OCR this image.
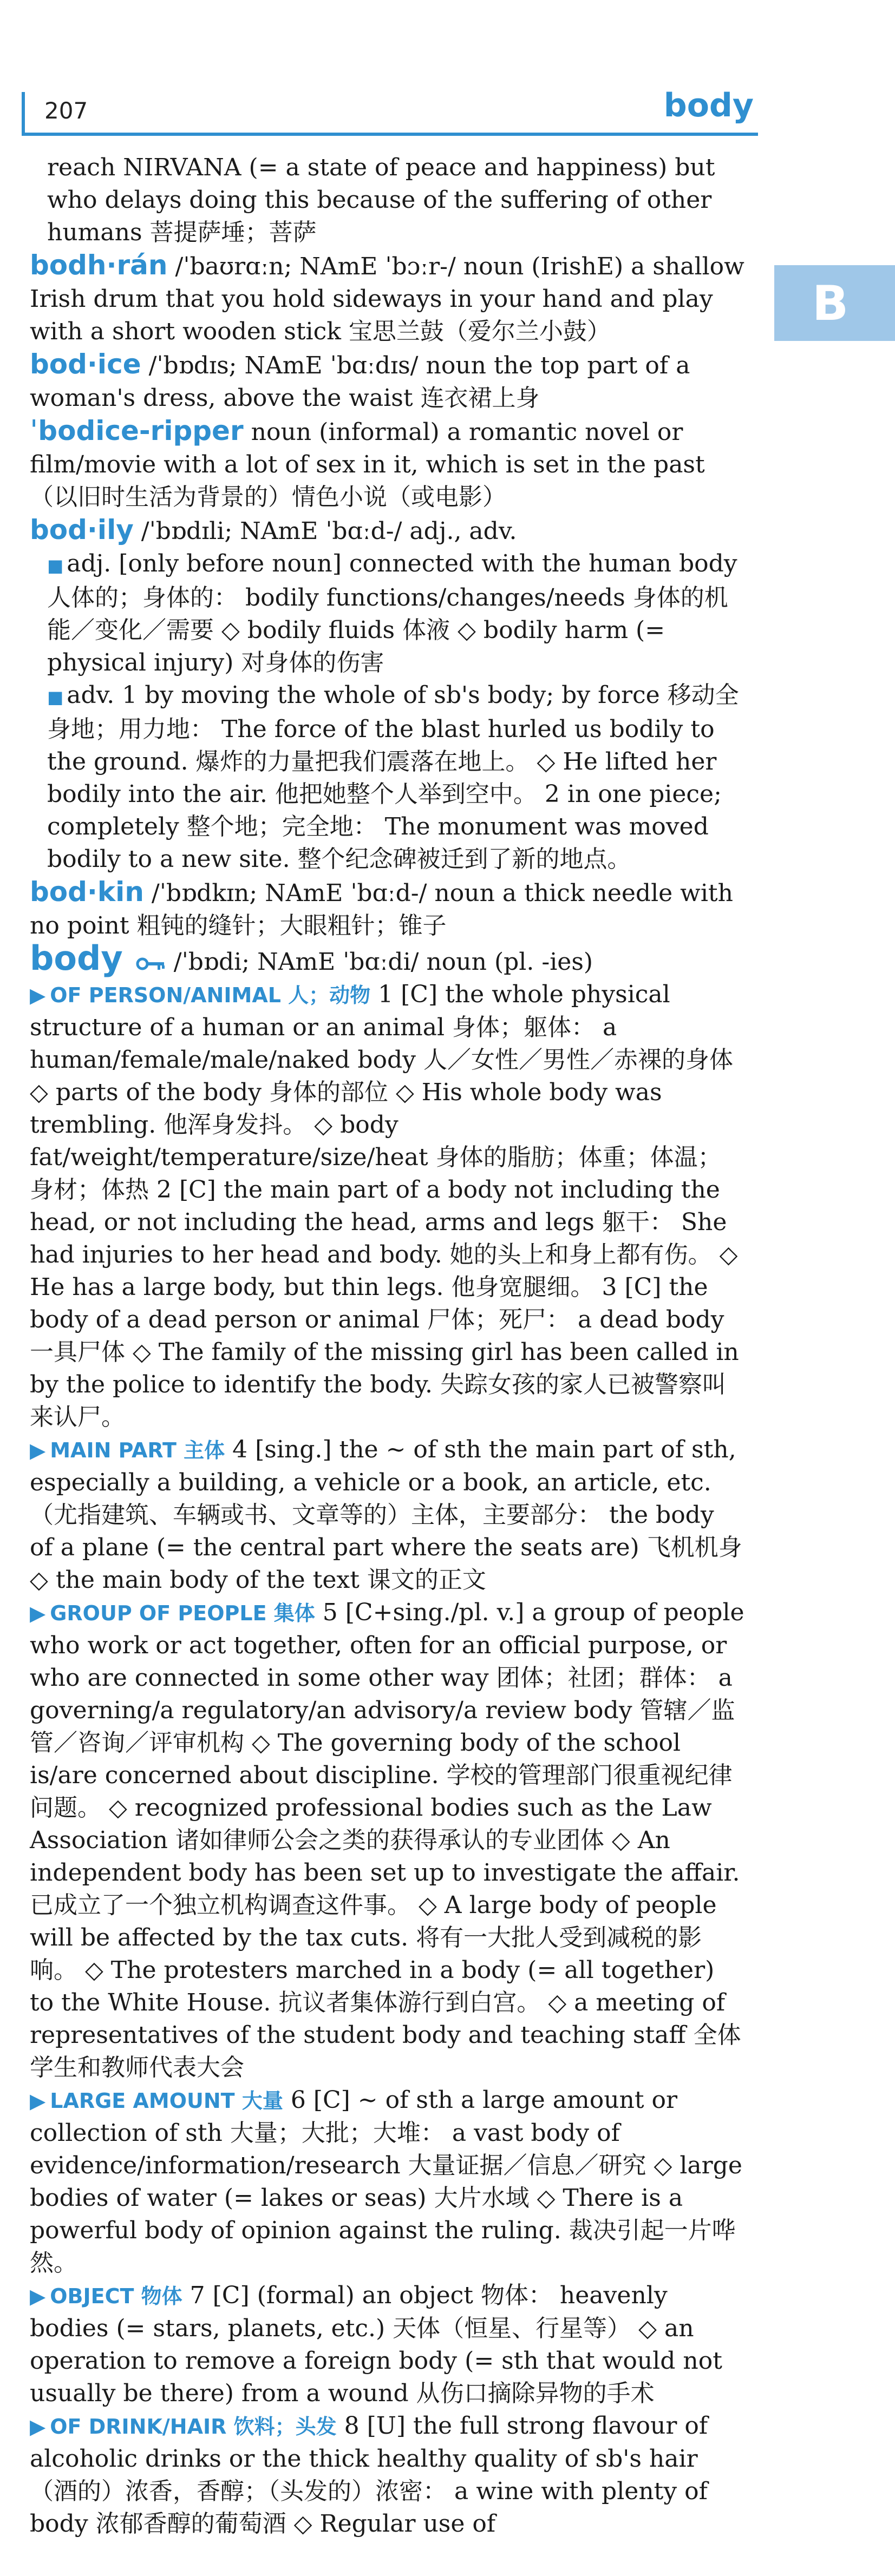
207	body
B

reach NIRVANA (= a state of peace and happiness) but who delays doing this because of the suffering of other humans 菩提萨埵；菩萨

bodh·rán /ˈbaʊrɑːn; NAmE ˈbɔːr-/ noun (IrishE) a shallow Irish drum that you hold sideways in your hand and play with a short wooden stick 宝思兰鼓（爱尔兰小鼓）

bod·ice /ˈbɒdɪs; NAmE ˈbɑːdɪs/ noun the top part of a woman's dress, above the waist 连衣裙上身

ˈbodice-ripper noun (informal) a romantic novel or film/movie with a lot of sex in it, which is set in the past（以旧时生活为背景的）情色小说（或电影）

bod·ily /ˈbɒdɪli; NAmE ˈbɑːd-/ adj., adv.

■ adj. [only before noun] connected with the human body 人体的；身体的： bodily functions/changes/needs 身体的机能／变化／需要 ◇ bodily fluids 体液 ◇ bodily harm (= physical injury) 对身体的伤害

■ adv. 1 by moving the whole of sb's body; by force 移动全身地；用力地： The force of the blast hurled us bodily to the ground. 爆炸的力量把我们震落在地上。 ◇ He lifted her bodily into the air. 他把她整个人举到空中。 2 in one piece; completely 整个地；完全地： The monument was moved bodily to a new site. 整个纪念碑被迁到了新的地点。

bod·kin /ˈbɒdkɪn; NAmE ˈbɑːd-/ noun a thick needle with no point 粗钝的缝针；大眼粗针；锥子

body  /ˈbɒdi; NAmE ˈbɑːdi/ noun (pl. -ies)

▶ OF PERSON/ANIMAL 人；动物 1 [C] the whole physical structure of a human or an animal 身体；躯体： a human/female/male/naked body 人／女性／男性／赤裸的身体 ◇ parts of the body 身体的部位 ◇ His whole body was trembling. 他浑身发抖。 ◇ body fat/weight/temperature/size/heat 身体的脂肪；体重；体温；身材；体热 2 [C] the main part of a body not including the head, or not including the head, arms and legs 躯干： She had injuries to her head and body. 她的头上和身上都有伤。 ◇ He has a large body, but thin legs. 他身宽腿细。 3 [C] the body of a dead person or animal 尸体；死尸： a dead body 一具尸体 ◇ The family of the missing girl has been called in by the police to identify the body. 失踪女孩的家人已被警察叫来认尸。

▶ MAIN PART 主体 4 [sing.] the ~ of sth the main part of sth, especially a building, a vehicle or a book, an article, etc.（尤指建筑、车辆或书、文章等的）主体，主要部分： the body of a plane (= the central part where the seats are) 飞机机身 ◇ the main body of the text 课文的正文

▶ GROUP OF PEOPLE 集体 5 [C+sing./pl. v.] a group of people who work or act together, often for an official purpose, or who are connected in some other way 团体；社团；群体： a governing/a regulatory/an advisory/a review body 管辖／监管／咨询／评审机构 ◇ The governing body of the school is/are concerned about discipline. 学校的管理部门很重视纪律问题。 ◇ recognized professional bodies such as the Law Association 诸如律师公会之类的获得承认的专业团体 ◇ An independent body has been set up to investigate the affair. 已成立了一个独立机构调查这件事。 ◇ A large body of people will be affected by the tax cuts. 将有一大批人受到减税的影响。 ◇ The protesters marched in a body (= all together) to the White House. 抗议者集体游行到白宫。 ◇ a meeting of representatives of the student body and teaching staff 全体学生和教师代表大会

▶ LARGE AMOUNT 大量 6 [C] ~ of sth a large amount or collection of sth 大量；大批；大堆： a vast body of evidence/information/research 大量证据／信息／研究 ◇ large bodies of water (= lakes or seas) 大片水域 ◇ There is a powerful body of opinion against the ruling. 裁决引起一片哗然。

▶ OBJECT 物体 7 [C] (formal) an object 物体： heavenly bodies (= stars, planets, etc.) 天体（恒星、行星等） ◇ an operation to remove a foreign body (= sth that would not usually be there) from a wound 从伤口摘除异物的手术

▶ OF DRINK/HAIR 饮料；头发 8 [U] the full strong flavour of alcoholic drinks or the thick healthy quality of sb's hair（酒的）浓香，香醇；（头发的）浓密： a wine with plenty of body 浓郁香醇的葡萄酒 ◇ Regular use of
